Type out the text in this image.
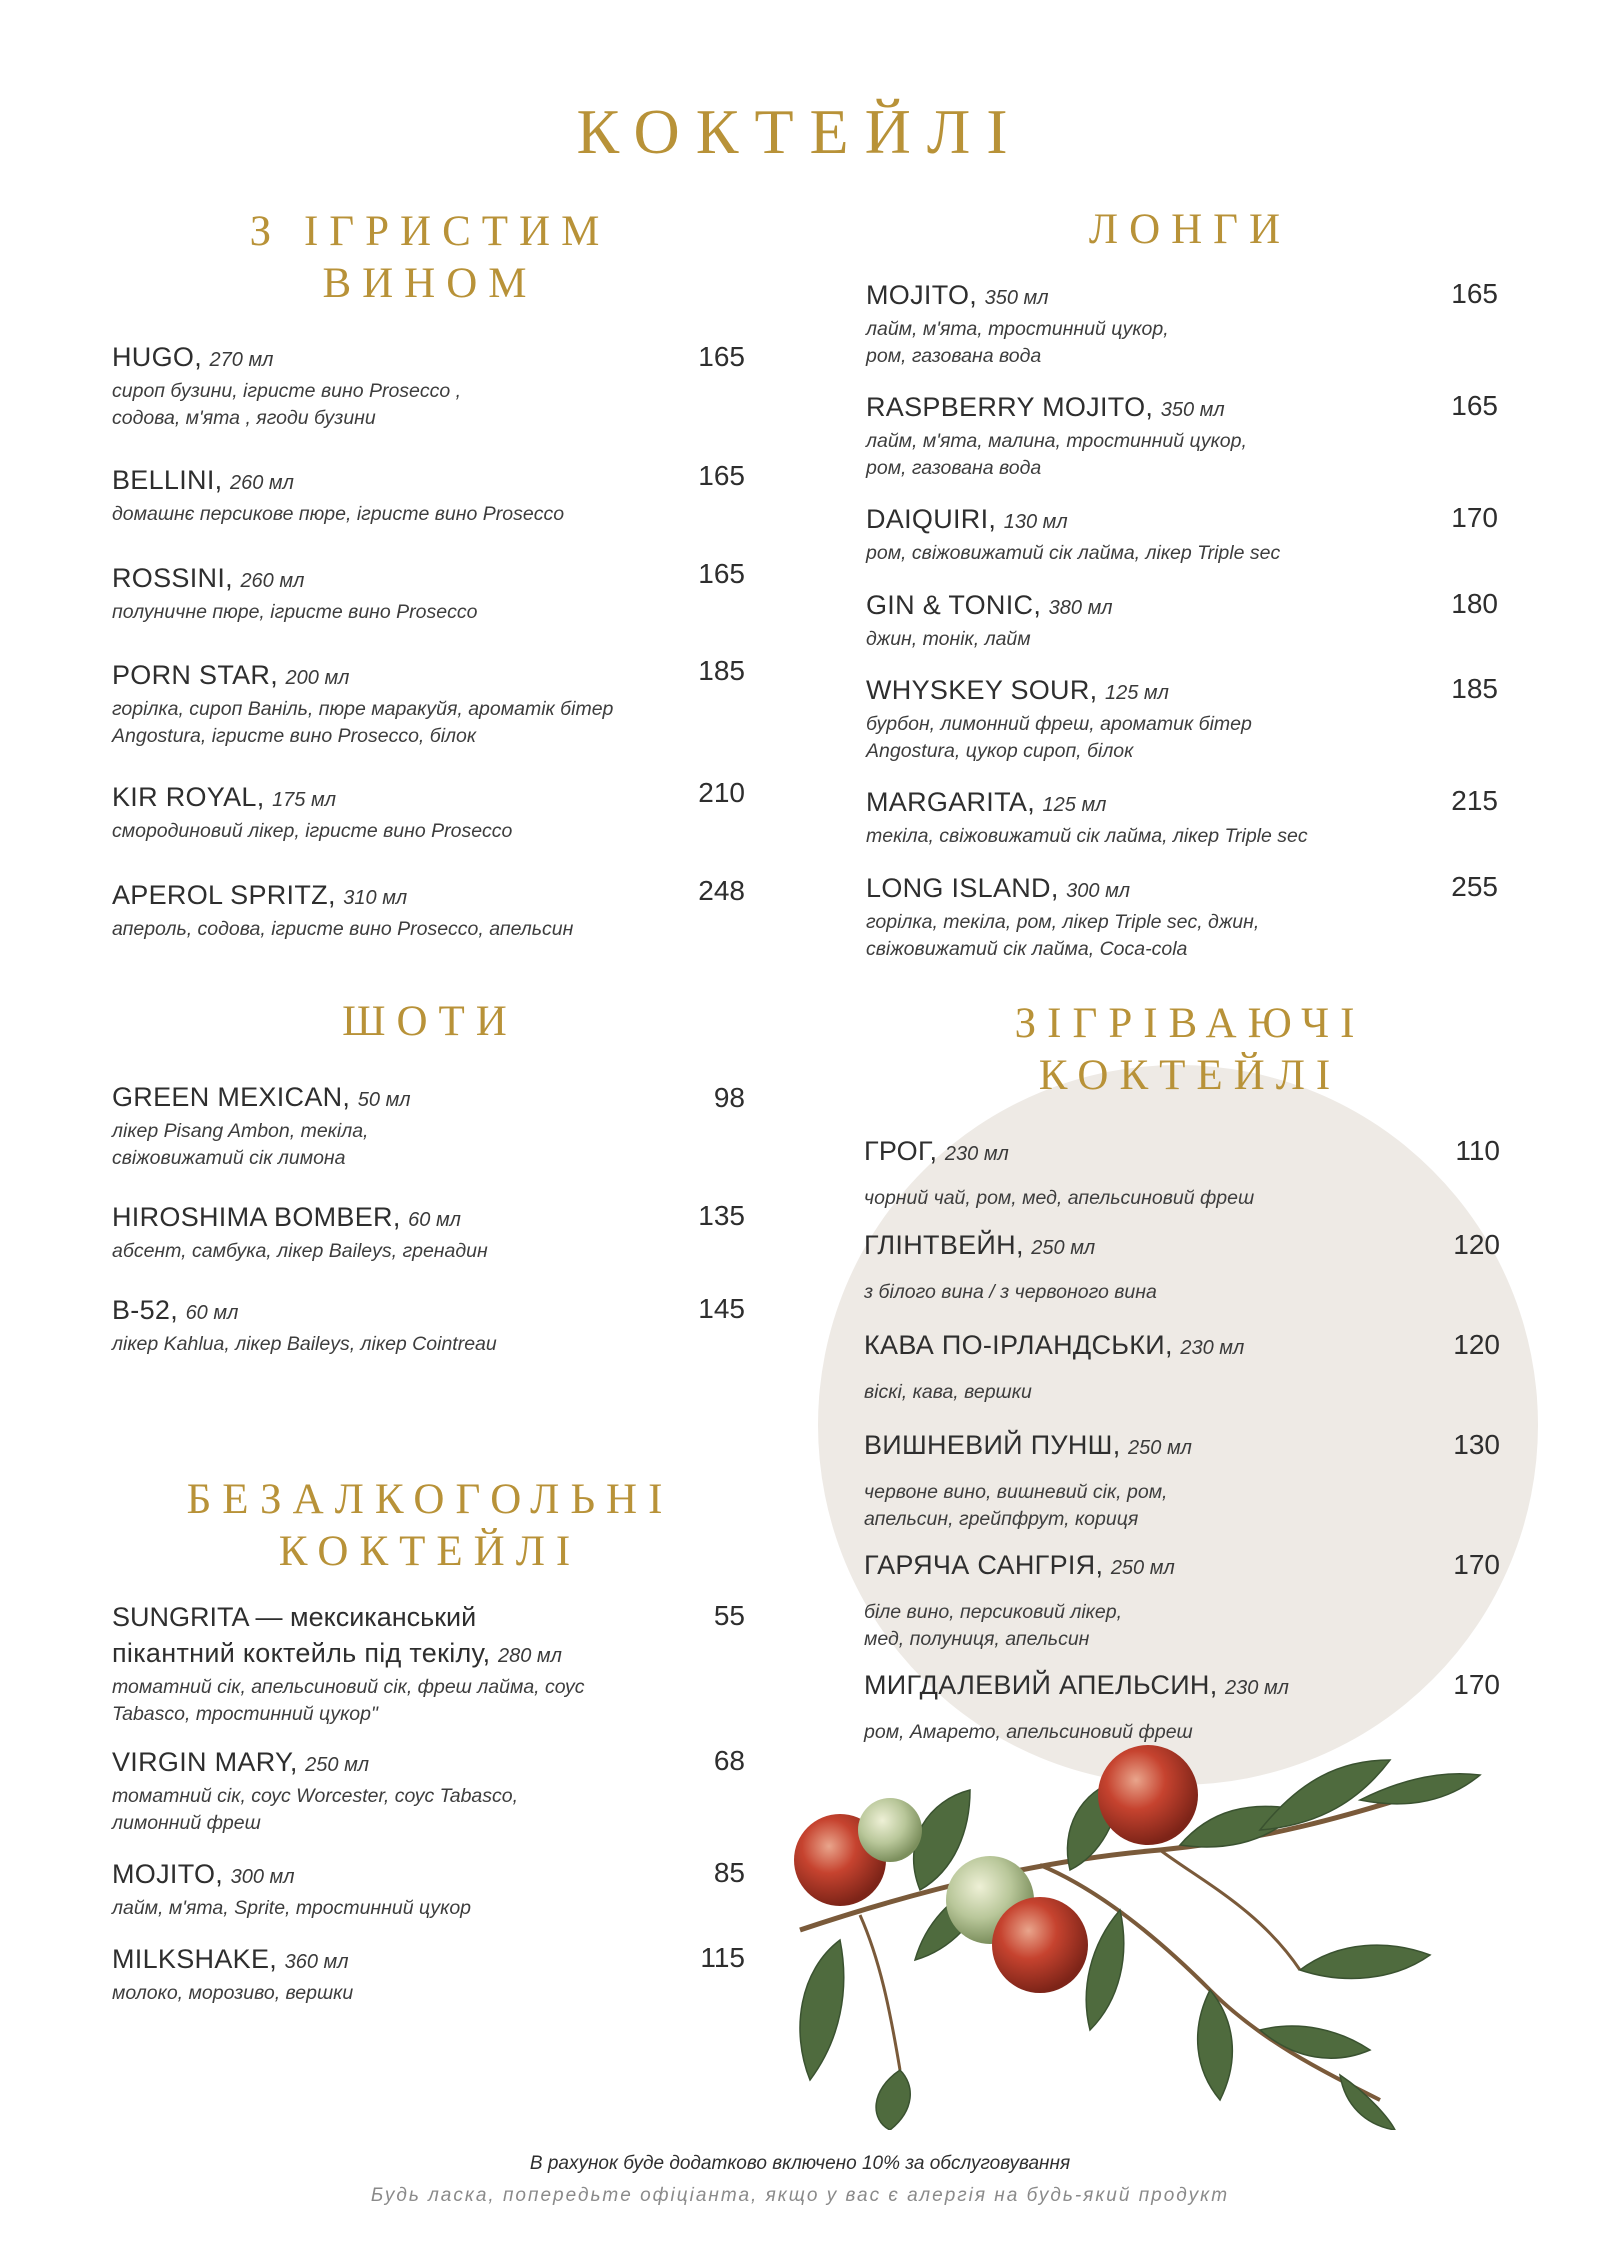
КОКТЕЙЛІ
З ІГРИСТИМ
ВИНОМ
ЛОНГИ
ШОТИ	ЗІГРІВАЮЧІ
КОКТЕЙЛІ
БЕЗАЛКОГОЛЬНІ
КОКТЕЙЛІ
HUGO, 270 мл
сироп бузини, ігристе вино Prosecco ,
содова, м'ята , ягоди бузини
165
BELLINI, 260 мл
домашнє персикове пюре, ігристе вино Prosecco
165
ROSSINI, 260 мл
полуничне пюре, ігристе вино Prosecco
165
PORN STAR, 200 мл
горілка, сироп Ваніль, пюре маракуйя, ароматік бітер
Angostura, ігристе вино Prosecco, білок
185
KIR ROYAL, 175 мл
смородиновий лікер, ігристе вино Prosecco
210
APEROL SPRITZ, 310 мл
апероль, содова, ігристе вино Prosecco, апельсин
248
MOJITO, 350 мл
лайм, м'ята, тростинний цукор,
ром, газована вода
165
RASPBERRY MOJITO, 350 мл
лайм, м'ята, малина, тростинний цукор,
ром, газована вода
165
DAIQUIRI, 130 мл
ром, свіжовижатий сік лайма, лікер Triple sec
170
GIN & TONIC, 380 мл
джин, тонік, лайм
180
WHYSKEY SOUR, 125 мл
бурбон, лимонний фреш, ароматик бітер
Angostura, цукор сироп, білок
185
MARGARITA, 125 мл
текіла, свіжовижатий сік лайма, лікер Triple sec
215
LONG ISLAND, 300 мл
горілка, текіла, ром, лікер Triple sec, джин,
свіжовижатий сік лайма, Coca-cola
255
GREEN MEXICAN, 50 мл
лікер Pisang Ambon, текіла,
свіжовижатий сік лимона
98
HIROSHIMA BOMBER, 60 мл
абсент, самбука, лікер Baileys, гренадин
135
B-52, 60 мл
лікер Kahlua, лікер Baileys, лікер Cointreau
145
ГРОГ, 230 мл
чорний чай, ром, мед, апельсиновий фреш
110
ГЛІНТВЕЙН, 250 мл
з білого вина / з червоного вина
120
КАВА ПО-ІРЛАНДСЬКИ, 230 мл
віскі, кава, вершки
120
ВИШНЕВИЙ ПУНШ, 250 мл
червоне вино, вишневий сік, ром,
апельсин, грейпфрут, кориця
130
ГАРЯЧА САНГРІЯ, 250 мл
біле вино, персиковий лікер,
мед, полуниця, апельсин
170
МИГДАЛЕВИЙ АПЕЛЬСИН, 230 мл
ром, Амарето, апельсиновий фреш
170
SUNGRITA — мексиканський
пікантний коктейль під текілу, 280 мл
томатний сік, апельсиновий сік, фреш лайма, соус
Tabasco, тростинний цукор"
55
VIRGIN MARY, 250 мл
томатний сік, соус Worcester, соус Tabasco,
лимонний фреш
68
MOJITO, 300 мл
лайм, м'ята, Sprite, тростинний цукор
85
MILKSHAKE, 360 мл
молоко, морозиво, вершки
115
В рахунок буде додатково включено 10% за обслуговування
Будь ласка, попередьте офіціанта, якщо у вас є алергія на будь-який продукт
